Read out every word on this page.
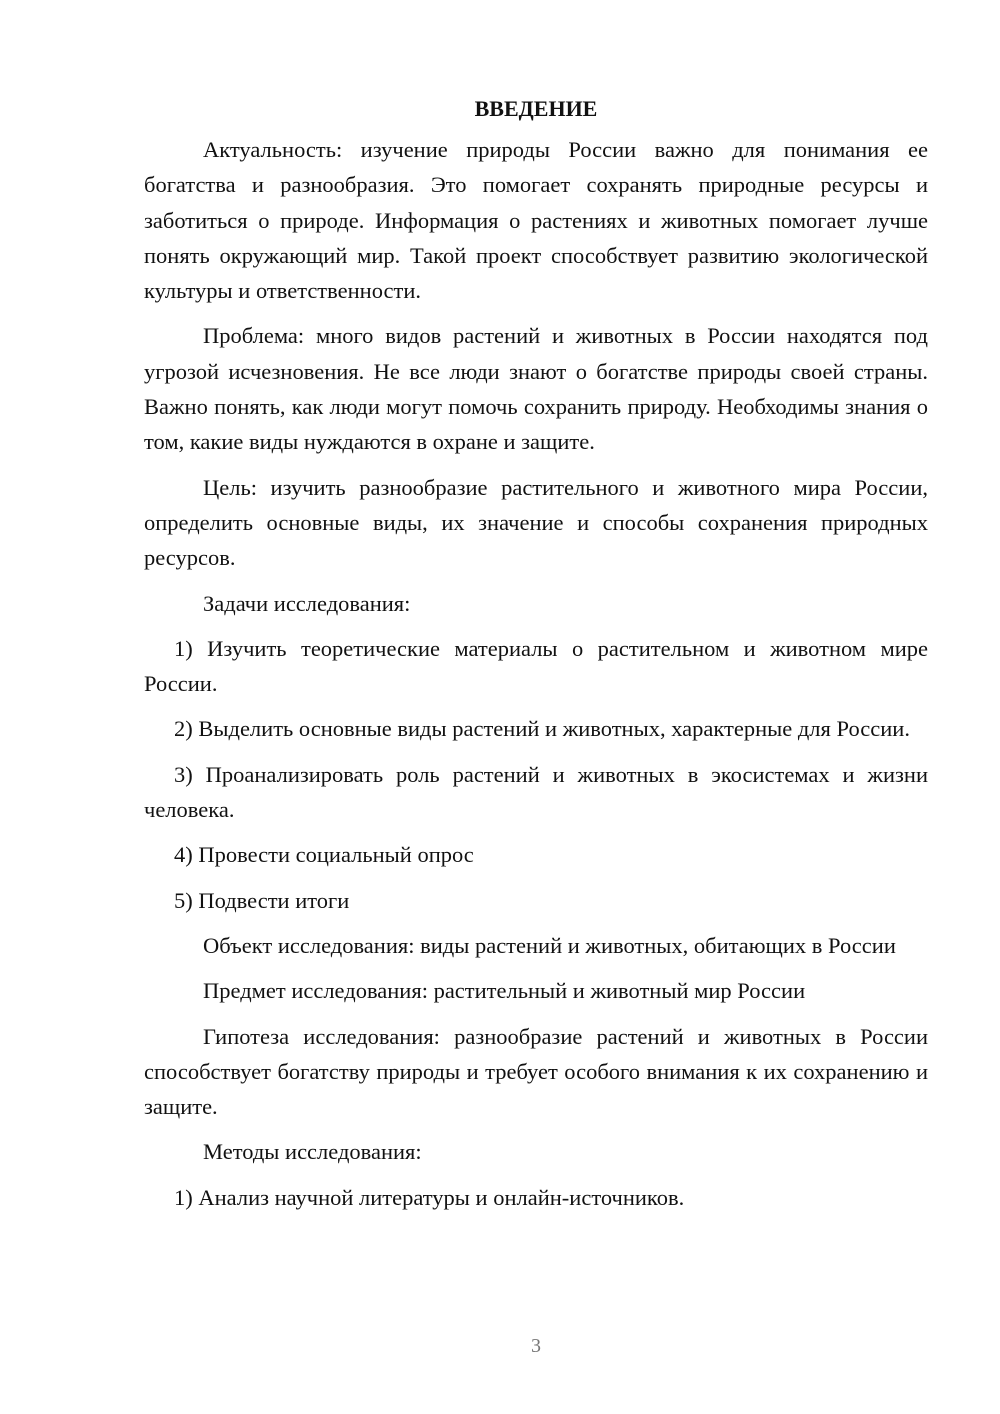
ВВЕДЕНИЕ

Актуальность: изучение природы России важно для понимания ее богатства и разнообразия. Это помогает сохранять природные ресурсы и заботиться о природе. Информация о растениях и животных помогает лучше понять окружающий мир. Такой проект способствует развитию экологической культуры и ответственности.

Проблема: много видов растений и животных в России находятся под угрозой исчезновения. Не все люди знают о богатстве природы своей страны. Важно понять, как люди могут помочь сохранить природу. Необходимы знания о том, какие виды нуждаются в охране и защите.

Цель: изучить разнообразие растительного и животного мира России, определить основные виды, их значение и способы сохранения природных ресурсов.

Задачи исследования:

1) Изучить теоретические материалы о растительном и животном мире России.

2) Выделить основные виды растений и животных, характерные для России.

3) Проанализировать роль растений и животных в экосистемах и жизни человека.

4) Провести социальный опрос

5) Подвести итоги

Объект исследования: виды растений и животных, обитающих в России

Предмет исследования: растительный и животный мир России

Гипотеза исследования: разнообразие растений и животных в России способствует богатству природы и требует особого внимания к их сохранению и защите.

Методы исследования:

1) Анализ научной литературы и онлайн-источников.

3
